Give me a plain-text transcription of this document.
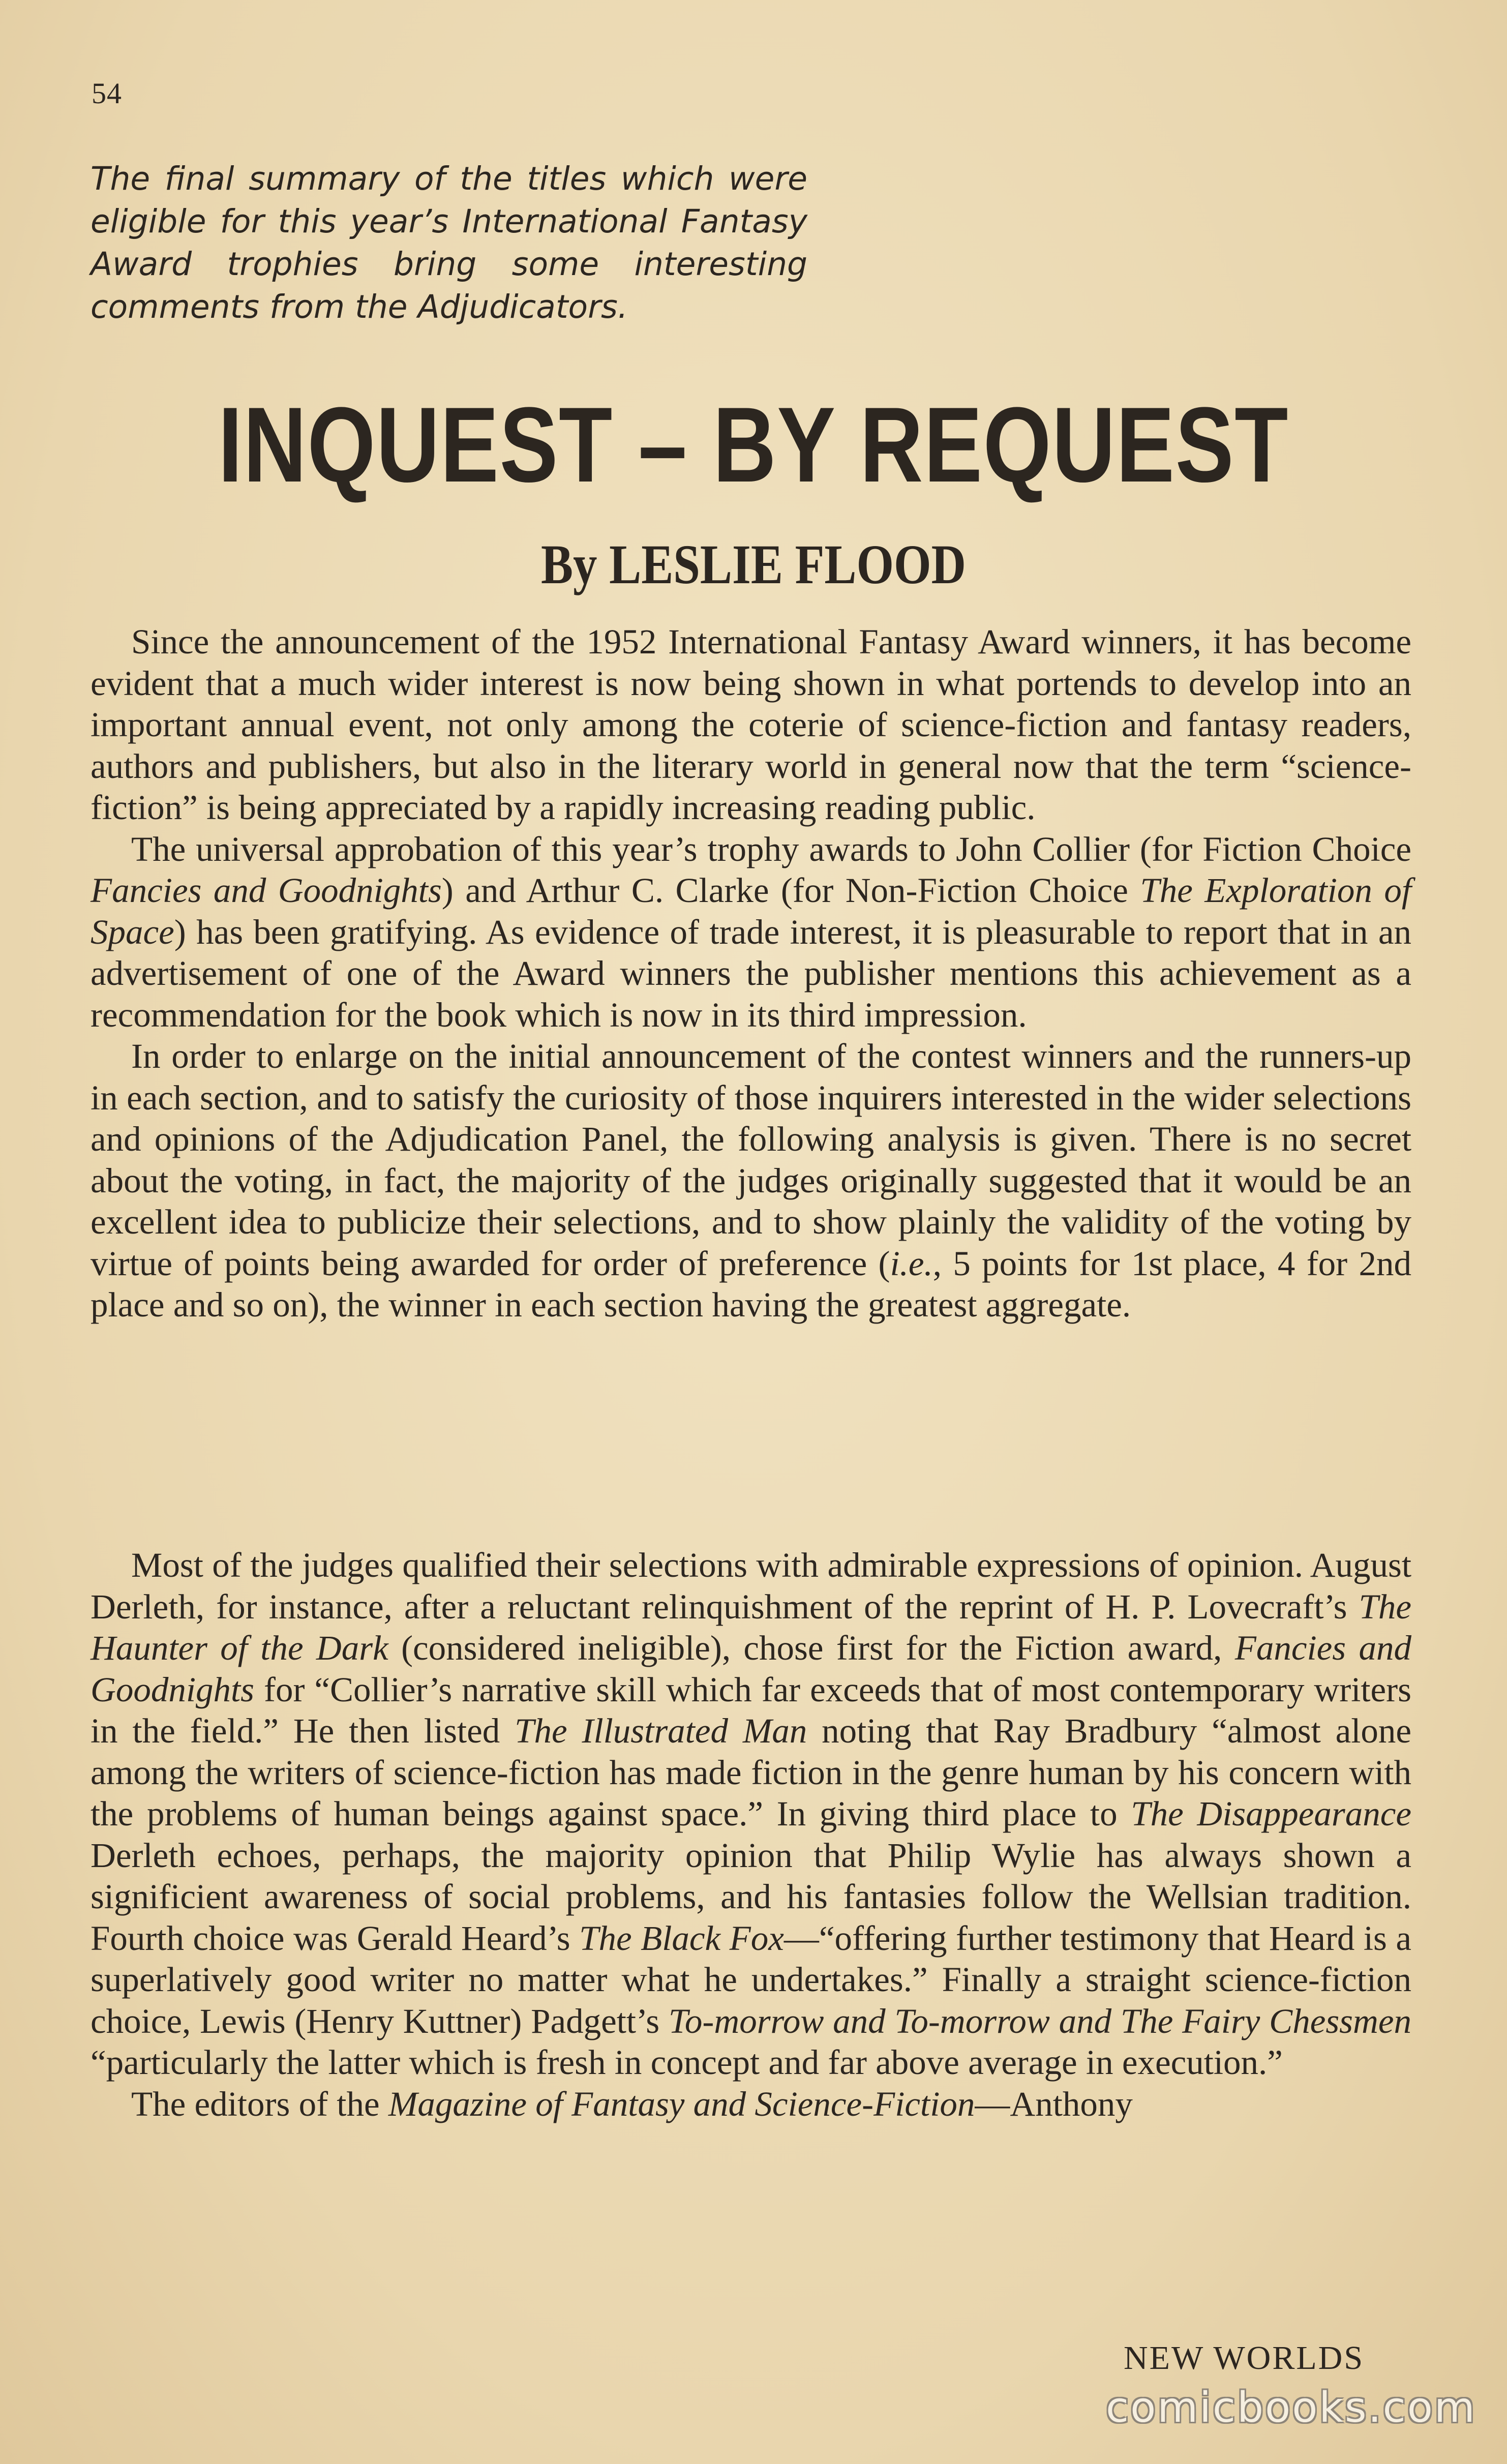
54
The final summary of the titles which were eligible for this year’s International Fantasy Award trophies bring some interesting comments from the Adjudicators.
INQUEST – BY REQUEST
By LESLIE FLOOD

Since the announcement of the 1952 International Fantasy Award winners, it has become evident that a much wider interest is now being shown in what portends to develop into an important annual event, not only among the coterie of science-fiction and fantasy readers, authors and publishers, but also in the literary world in general now that the term “science-fiction” is being appreciated by a rapidly increasing reading public.

The universal approbation of this year’s trophy awards to John Collier (for Fiction Choice Fancies and Goodnights) and Arthur C. Clarke (for Non-Fiction Choice The Exploration of Space) has been gratifying. As evidence of trade interest, it is pleasurable to report that in an advertisement of one of the Award winners the publisher mentions this achievement as a recommendation for the book which is now in its third impression.

In order to enlarge on the initial announcement of the contest winners and the runners-up in each section, and to satisfy the curiosity of those inquirers interested in the wider selections and opinions of the Adjudication Panel, the following analysis is given. There is no secret about the voting, in fact, the majority of the judges originally suggested that it would be an excellent idea to publicize their selections, and to show plainly the validity of the voting by virtue of points being awarded for order of preference (i.e., 5 points for 1st place, 4 for 2nd place and so on), the winner in each section having the greatest aggregate.

Most of the judges qualified their selections with admirable expressions of opinion. August Derleth, for instance, after a reluctant relinquishment of the reprint of H. P. Lovecraft’s The Haunter of the Dark (considered ineligible), chose first for the Fiction award, Fancies and Goodnights for “Collier’s narrative skill which far exceeds that of most contemporary writers in the field.” He then listed The Illustrated Man noting that Ray Bradbury “almost alone among the writers of science-fiction has made fiction in the genre human by his concern with the problems of human beings against space.” In giving third place to The Disappearance Derleth echoes, perhaps, the majority opinion that Philip Wylie has always shown a significient awareness of social problems, and his fantasies follow the Wellsian tradition. Fourth choice was Gerald Heard’s The Black Fox—“offering further testimony that Heard is a superlatively good writer no matter what he undertakes.” Finally a straight science-fiction choice, Lewis (Henry Kuttner) Padgett’s To-morrow and To-morrow and The Fairy Chessmen “particularly the latter which is fresh in concept and far above average in execution.”

The editors of the Magazine of Fantasy and Science-Fiction—Anthony

NEW WORLDS
comicbooks.com
